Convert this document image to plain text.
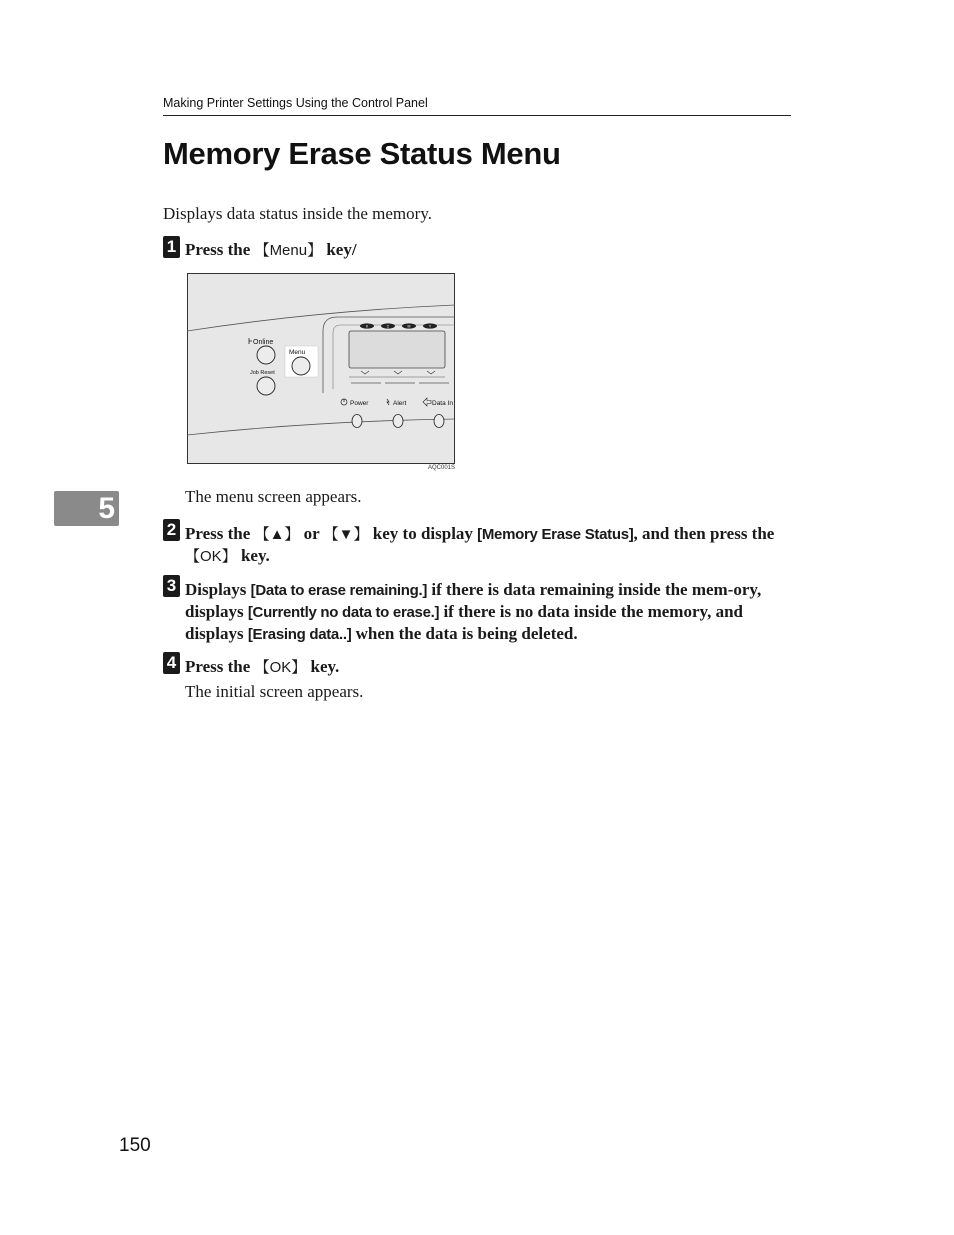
Making Printer Settings Using the Control Panel
Memory Erase Status Menu
Displays data status inside the memory.
1 Press the 【Menu】 key/
K	C	M	Y
Online
Job Reset
Menu
Power	Alert	Data In
AQC001S
5	The menu screen appears.
2 Press the 【▲】 or 【▼】 key to display [Memory Erase Status], and then press the 【OK】 key.
3 Displays [Data to erase remaining.] if there is data remaining inside the mem-ory, displays [Currently no data to erase.] if there is no data inside the memory, and displays [Erasing data..] when the data is being deleted.
4 Press the 【OK】 key.
The initial screen appears.
150
